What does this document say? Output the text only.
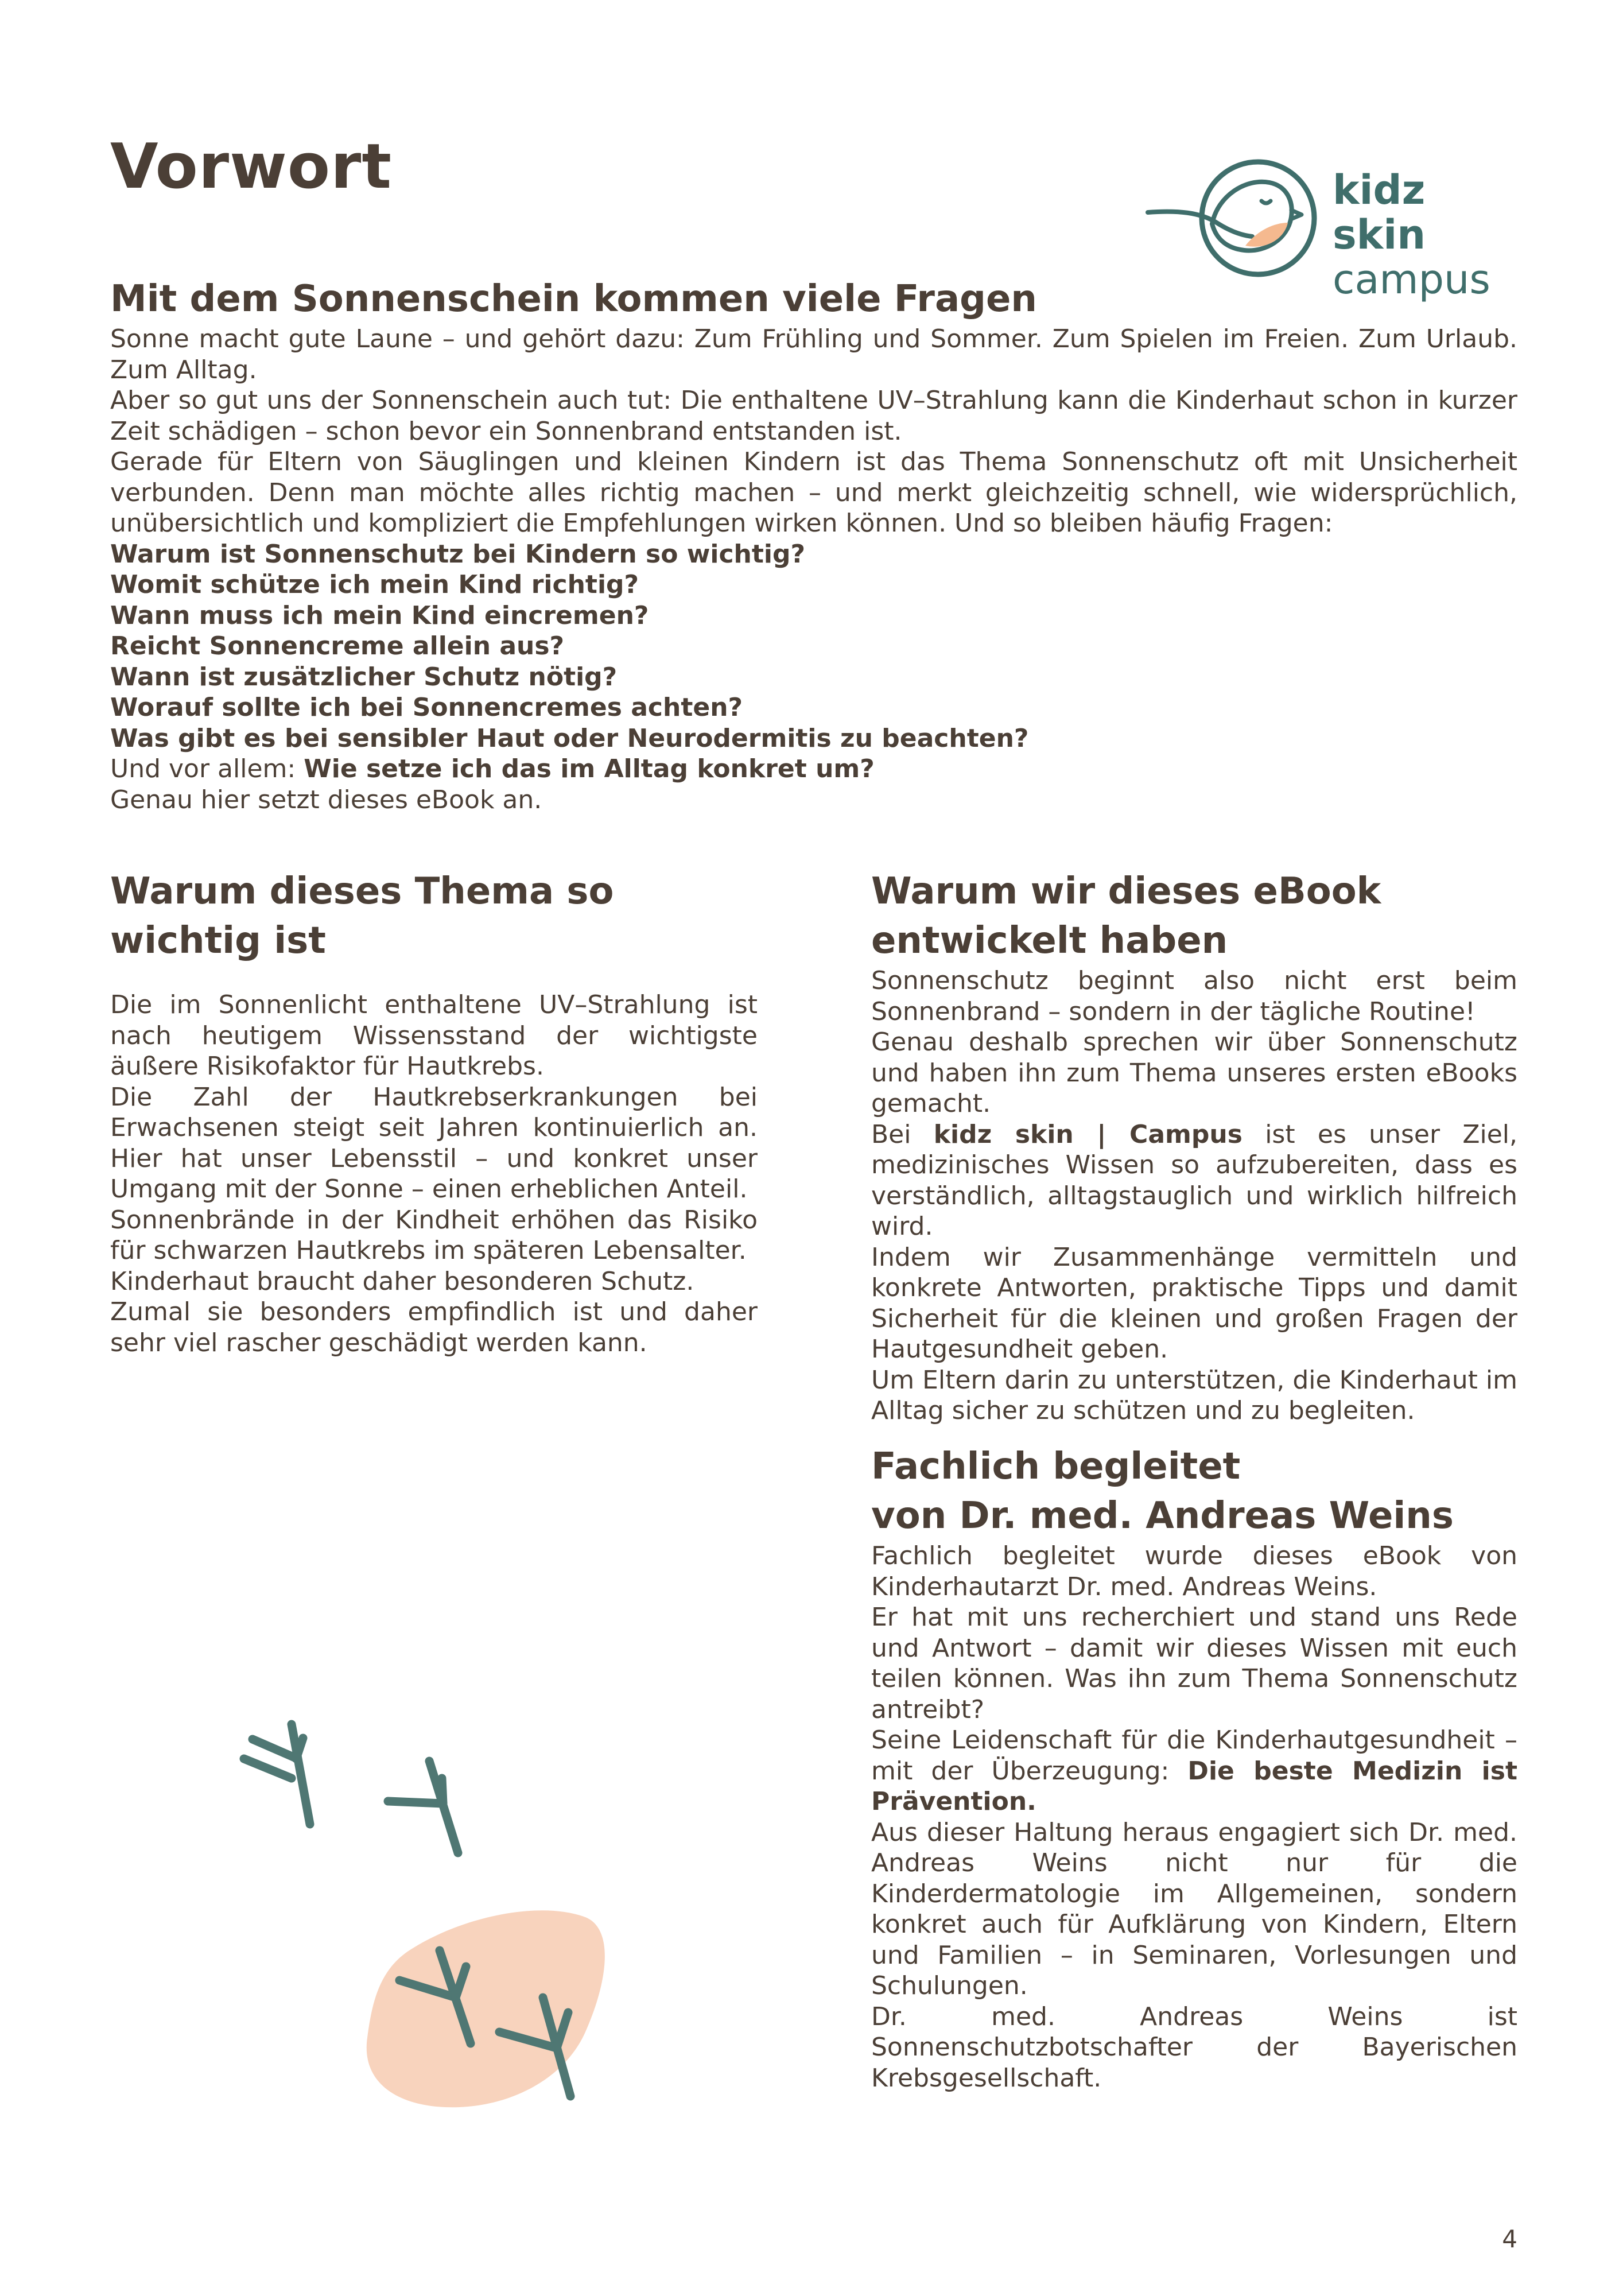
Vorwort	kidz skin
campus
Mit dem Sonnenschein kommen viele Fragen

Sonne macht gute Laune – und gehört dazu: Zum Frühling und Sommer. Zum Spielen im Freien. Zum Urlaub. Zum Alltag.

Aber so gut uns der Sonnenschein auch tut: Die enthaltene UV–Strahlung kann die Kinderhaut schon in kurzer Zeit schädigen – schon bevor ein Sonnenbrand entstanden ist.

Gerade für Eltern von Säuglingen und kleinen Kindern ist das Thema Sonnenschutz oft mit Unsicherheit verbunden. Denn man möchte alles richtig machen – und merkt gleichzeitig schnell, wie widersprüchlich, unübersichtlich und kompliziert die Empfehlungen wirken können. Und so bleiben häufig Fragen:

Warum ist Sonnenschutz bei Kindern so wichtig?

Womit schütze ich mein Kind richtig?

Wann muss ich mein Kind eincremen?

Reicht Sonnencreme allein aus?

Wann ist zusätzlicher Schutz nötig?

Worauf sollte ich bei Sonnencremes achten?

Was gibt es bei sensibler Haut oder Neurodermitis zu beachten?

Und vor allem: Wie setze ich das im Alltag konkret um?

Genau hier setzt dieses eBook an.

Warum dieses Thema so wichtig ist

Die im Sonnenlicht enthaltene UV–Strahlung ist nach heutigem Wissensstand der wichtigste äußere Risikofaktor für Hautkrebs.

Die Zahl der Hautkrebserkrankungen bei Erwachsenen steigt seit Jahren kontinuierlich an. Hier hat unser Lebensstil – und konkret unser Umgang mit der Sonne – einen erheblichen Anteil.

Sonnenbrände in der Kindheit erhöhen das Risiko für schwarzen Hautkrebs im späteren Lebensalter.

Kinderhaut braucht daher besonderen Schutz.

Zumal sie besonders empfindlich ist und daher sehr viel rascher geschädigt werden kann.

Warum wir dieses eBook entwickelt haben

Sonnenschutz beginnt also nicht erst beim Sonnenbrand – sondern in der tägliche Routine!

Genau deshalb sprechen wir über Sonnenschutz und haben ihn zum Thema unseres ersten eBooks gemacht.

Bei kidz skin | Campus ist es unser Ziel, medizinisches Wissen so aufzubereiten, dass es verständlich, alltagstauglich und wirklich hilfreich wird.

Indem wir Zusammenhänge vermitteln und konkrete Antworten, praktische Tipps und damit Sicherheit für die kleinen und großen Fragen der Hautgesundheit geben.

Um Eltern darin zu unterstützen, die Kinderhaut im Alltag sicher zu schützen und zu begleiten.

Fachlich begleitet
von Dr. med. Andreas Weins

Fachlich begleitet wurde dieses eBook von Kinderhautarzt Dr. med. Andreas Weins.

Er hat mit uns recherchiert und stand uns Rede und Antwort – damit wir dieses Wissen mit euch teilen können. Was ihn zum Thema Sonnenschutz antreibt?

Seine Leidenschaft für die Kinderhautgesundheit – mit der Überzeugung: Die beste Medizin ist Prävention.

Aus dieser Haltung heraus engagiert sich Dr. med. Andreas Weins nicht nur für die Kinderdermatologie im Allgemeinen, sondern konkret auch für Aufklärung von Kindern, Eltern und Familien – in Seminaren, Vorlesungen und Schulungen.

Dr. med. Andreas Weins ist Sonnenschutzbotschafter der Bayerischen Krebsgesellschaft.

4
